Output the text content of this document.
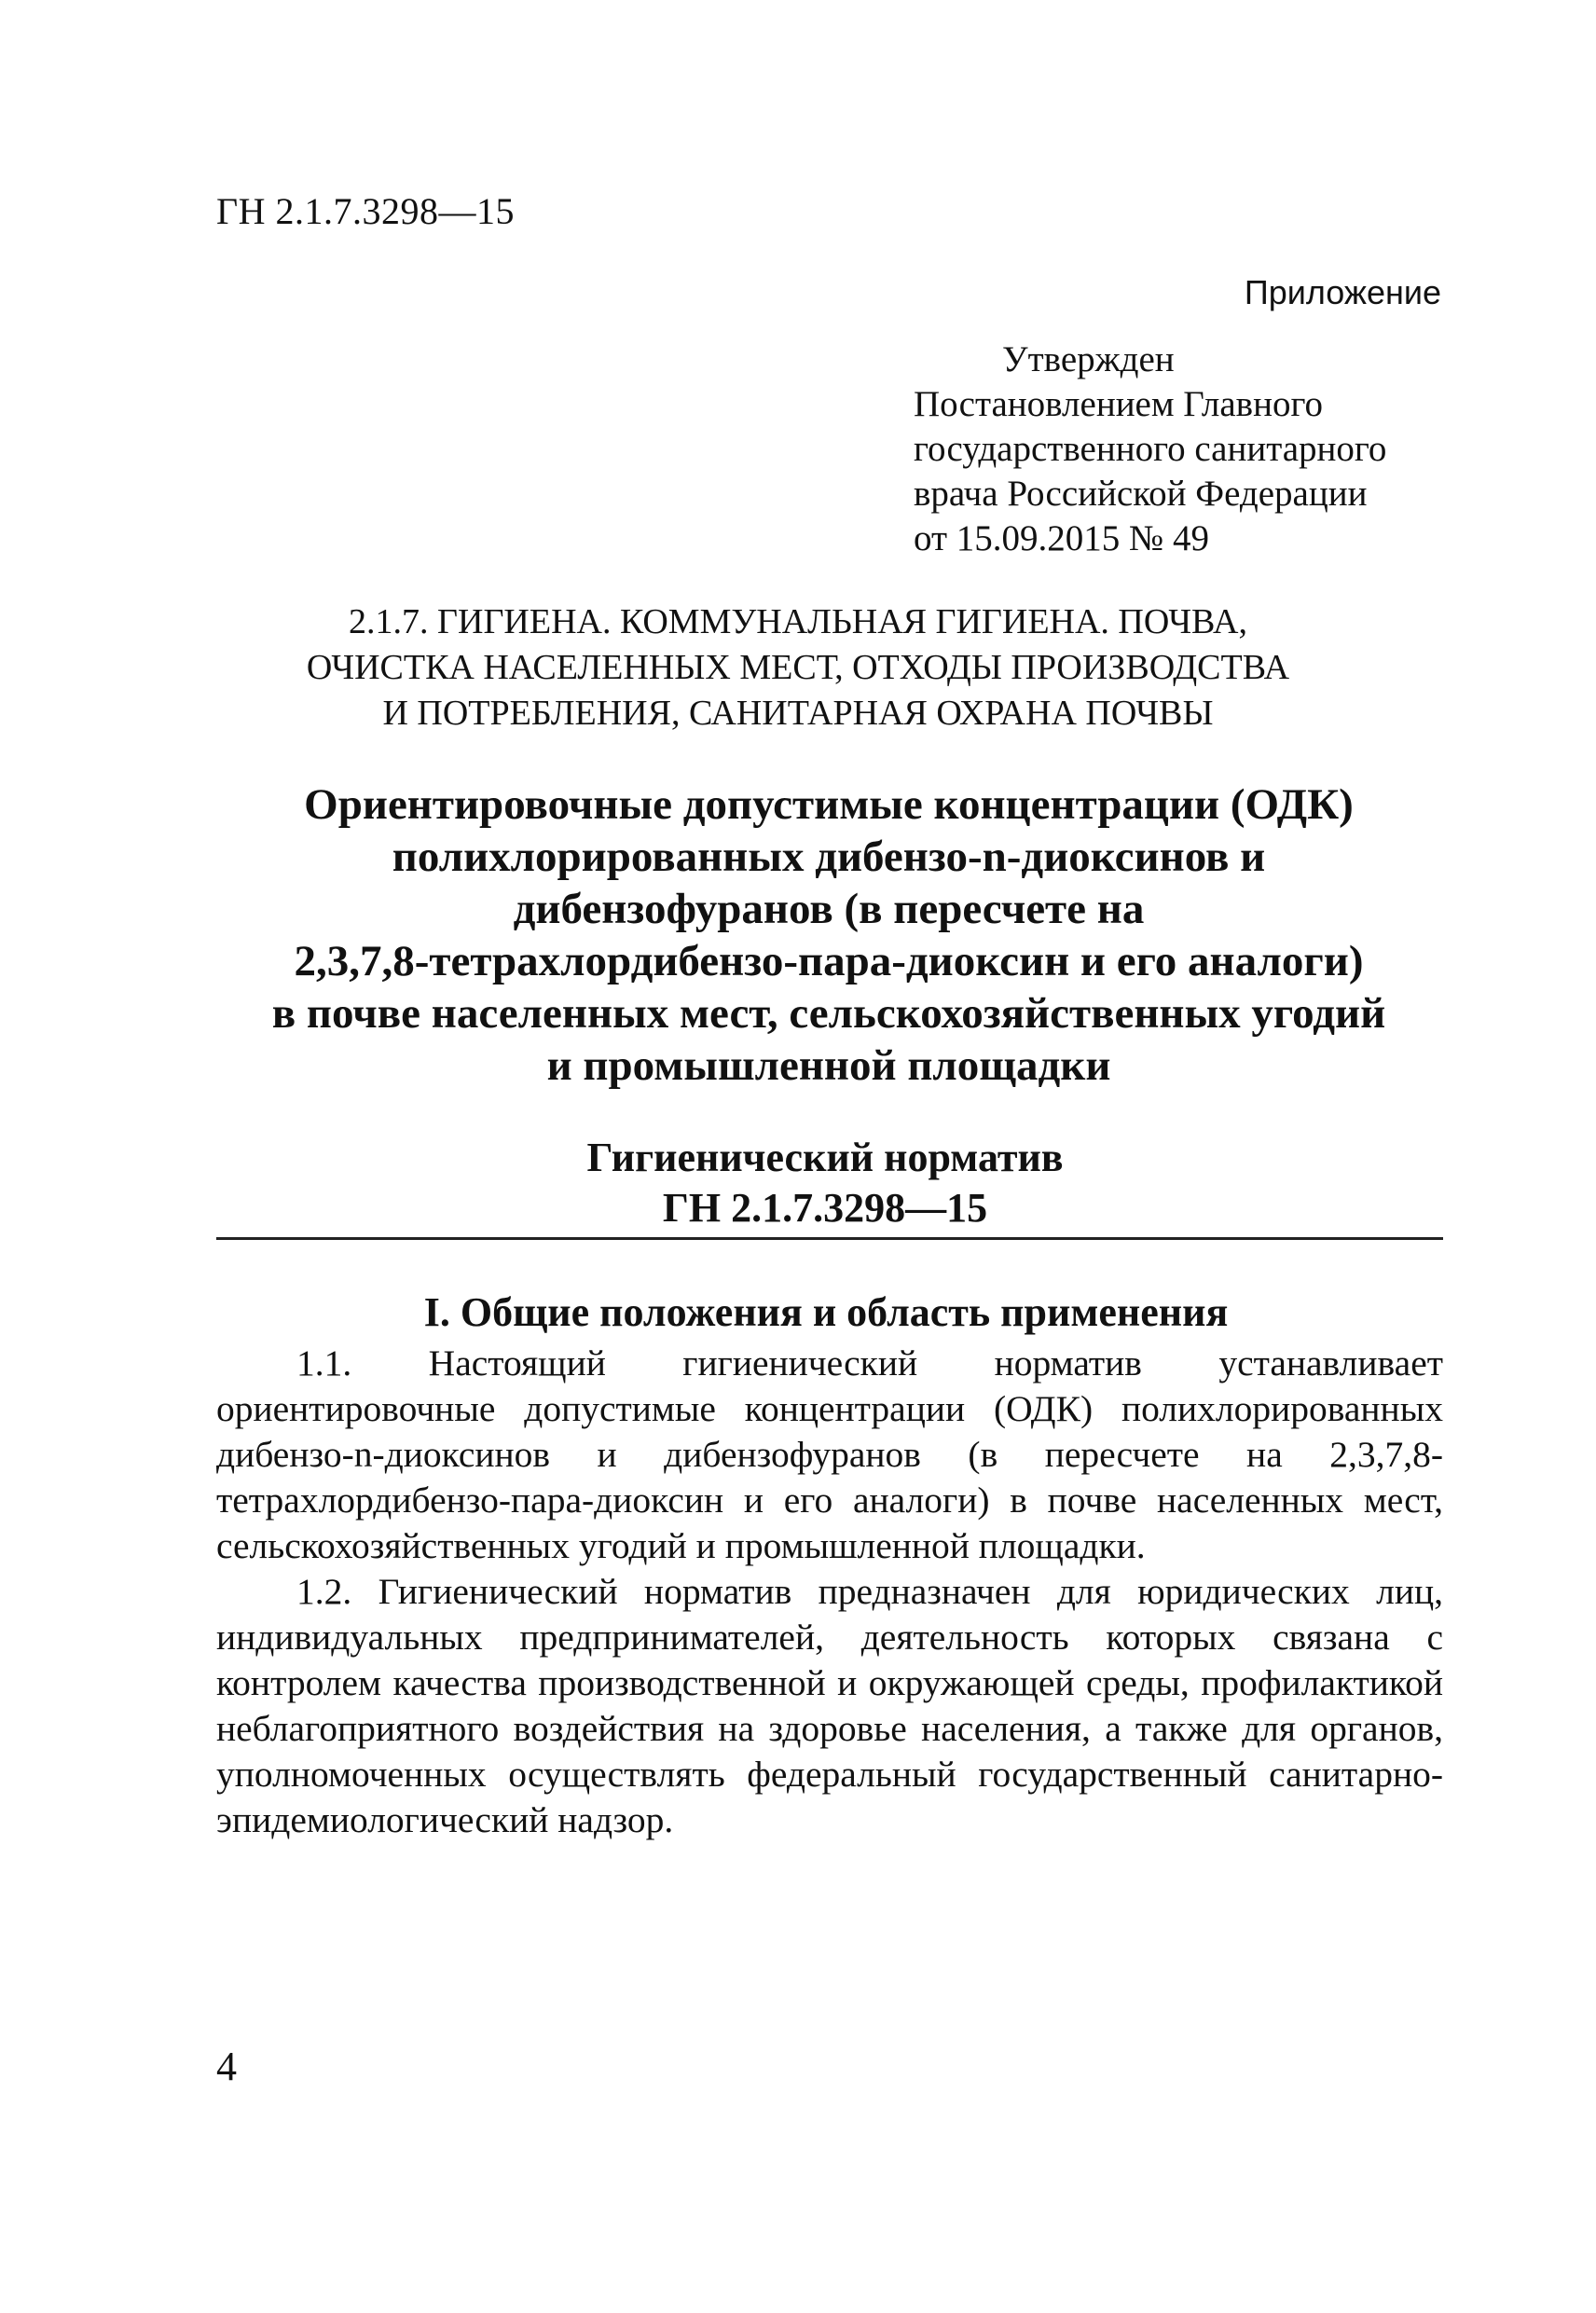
ГН 2.1.7.3298—15
Приложение
Утвержден
Постановлением Главного
государственного санитарного
врача Российской Федерации
от 15.09.2015 № 49
2.1.7. ГИГИЕНА. КОММУНАЛЬНАЯ ГИГИЕНА. ПОЧВА,
ОЧИСТКА НАСЕЛЕННЫХ МЕСТ, ОТХОДЫ ПРОИЗВОДСТВА
И ПОТРЕБЛЕНИЯ, САНИТАРНАЯ ОХРАНА ПОЧВЫ
Ориентировочные допустимые концентрации (ОДК)
полихлорированных дибензо-n-диоксинов и
дибензофуранов (в пересчете на
2,3,7,8-тетрахлордибензо-пара-диоксин и его аналоги)
в почве населенных мест, сельскохозяйственных угодий
и промышленной площадки
Гигиенический норматив
ГН 2.1.7.3298—15
I. Общие положения и область применения

1.1. Настоящий гигиенический норматив устанавливает ориентировочные допустимые концентрации (ОДК) полихлорированных дибензо-n-диоксинов и дибензофуранов (в пересчете на 2,3,7,8-тетрахлордибензо-пара-диоксин и его аналоги) в почве населенных мест, сельскохозяйственных угодий и промышленной площадки.

1.2. Гигиенический норматив предназначен для юридических лиц, индивидуальных предпринимателей, деятельность которых связана с контролем качества производственной и окружающей среды, профилактикой неблагоприятного воздействия на здоровье населения, а также для органов, уполномоченных осуществлять федеральный государственный санитарно-эпидемиологический надзор.

4
